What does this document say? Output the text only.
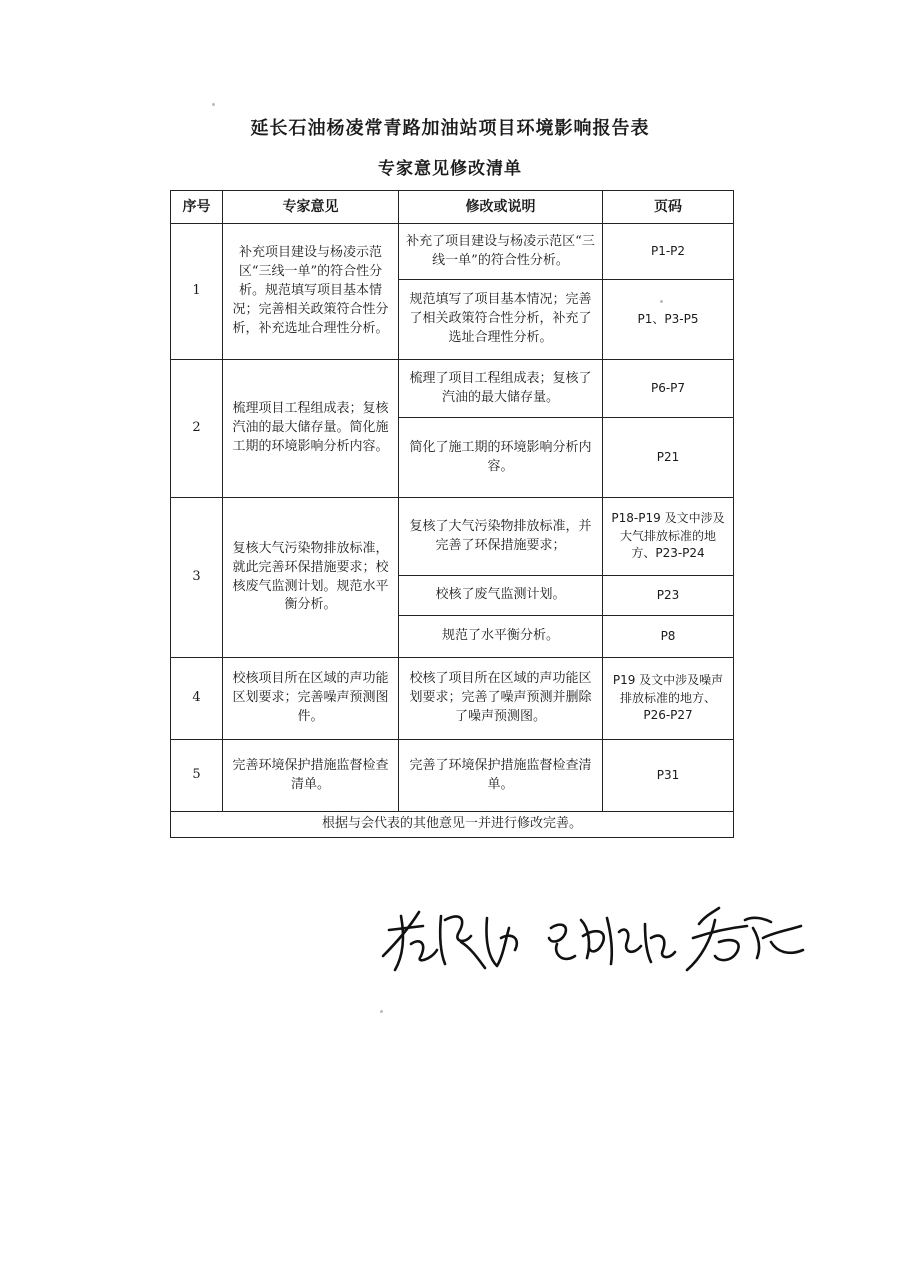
延长石油杨凌常青路加油站项目环境影响报告表
专家意见修改清单
序号	专家意见	修改或说明	页码
1	补充项目建设与杨凌示范区“三线一单”的符合性分析。规范填写项目基本情况；完善相关政策符合性分析，补充选址合理性分析。	补充了项目建设与杨凌示范区“三线一单”的符合性分析。	P1-P2
		规范填写了项目基本情况；完善了相关政策符合性分析，补充了选址合理性分析。	P1、P3-P5
2	梳理项目工程组成表；复核汽油的最大储存量。简化施工期的环境影响分析内容。	梳理了项目工程组成表；复核了汽油的最大储存量。	P6-P7
		简化了施工期的环境影响分析内容。	P21
3	复核大气污染物排放标准，就此完善环保措施要求；校核废气监测计划。规范水平衡分析。	复核了大气污染物排放标准，并完善了环保措施要求；	P18-P19 及文中涉及大气排放标准的地方、P23-P24
		校核了废气监测计划。	P23
		规范了水平衡分析。	P8
4	校核项目所在区域的声功能区划要求；完善噪声预测图件。	校核了项目所在区域的声功能区划要求；完善了噪声预测并删除了噪声预测图。	P19 及文中涉及噪声排放标准的地方、P26-P27
5	完善环境保护措施监督检查清单。	完善了环境保护措施监督检查清单。	P31
根据与会代表的其他意见一并进行修改完善。			
